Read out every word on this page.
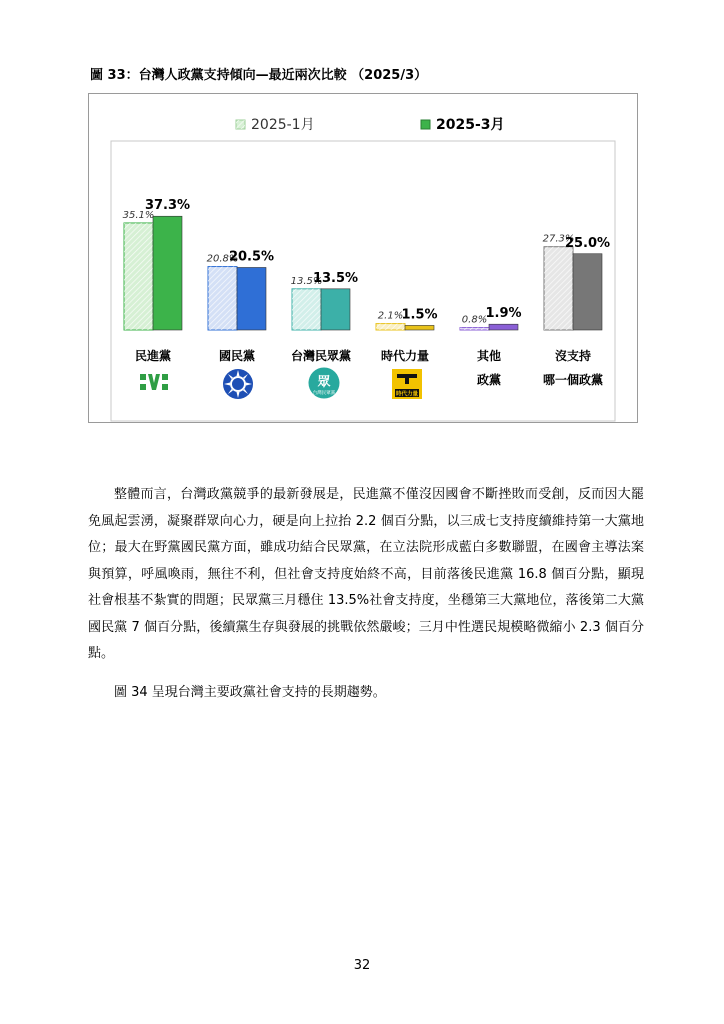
圖 33：台灣人政黨支持傾向—最近兩次比較 （2025/3）
2025-1月	2025-3月
35.1%
37.3%
20.8%
20.5%
13.5%
13.5%
2.1%
1.5% 0.8%
1.9%
27.3%
25.0%
民進黨	國民黨	台灣民眾黨 時代力量	其他
政黨
沒支持
哪一個政黨
眾
台灣民眾黨	時代力量
整體而言，台灣政黨競爭的最新發展是，民進黨不僅沒因國會不斷挫敗而受創，反而因大罷免風起雲湧，凝聚群眾向心力，硬是向上拉抬 2.2 個百分點，以三成七支持度續維持第一大黨地位；最大在野黨國民黨方面，雖成功結合民眾黨，在立法院形成藍白多數聯盟，在國會主導法案與預算，呼風喚雨，無往不利，但社會支持度始終不高，目前落後民進黨 16.8 個百分點，顯現社會根基不紮實的問題；民眾黨三月穩住 13.5%社會支持度，坐穩第三大黨地位，落後第二大黨國民黨 7 個百分點，後續黨生存與發展的挑戰依然嚴峻；三月中性選民規模略微縮小 2.3 個百分點。
圖 34 呈現台灣主要政黨社會支持的長期趨勢。
32
